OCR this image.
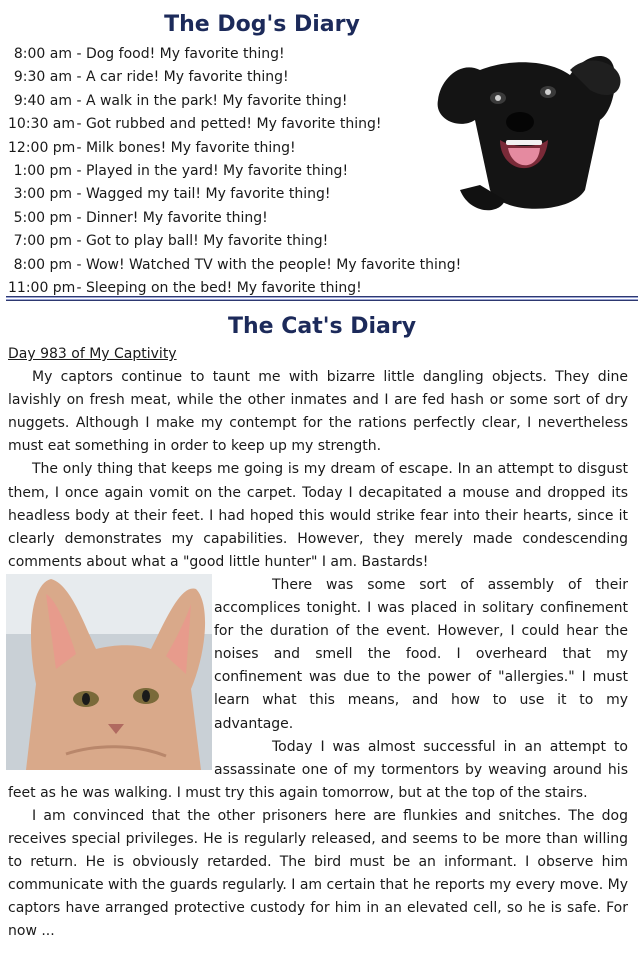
The Dog's Diary
8:00 am - Dog food! My favorite thing!
9:30 am - A car ride! My favorite thing!
9:40 am - A walk in the park! My favorite thing!
10:30 am - Got rubbed and petted! My favorite thing!
12:00 pm - Milk bones! My favorite thing!
1:00 pm - Played in the yard! My favorite thing!
3:00 pm - Wagged my tail! My favorite thing!
5:00 pm - Dinner! My favorite thing!
7:00 pm - Got to play ball! My favorite thing!
8:00 pm - Wow! Watched TV with the people! My favorite thing!
11:00 pm - Sleeping on the bed! My favorite thing!
The Cat's Diary

Day 983 of My Captivity

My captors continue to taunt me with bizarre little dangling objects. They dine lavishly on fresh meat, while the other inmates and I are fed hash or some sort of dry nuggets. Although I make my contempt for the rations perfectly clear, I nevertheless must eat something in order to keep up my strength.

The only thing that keeps me going is my dream of escape. In an attempt to disgust them, I once again vomit on the carpet. Today I decapitated a mouse and dropped its headless body at their feet. I had hoped this would strike fear into their hearts, since it clearly demonstrates my capabilities. However, they merely made condescending comments about what a "good little hunter" I am. Bastards!

There was some sort of assembly of their accomplices tonight. I was placed in solitary confinement for the duration of the event. However, I could hear the noises and smell the food. I overheard that my confinement was due to the power of "allergies." I must learn what this means, and how to use it to my advantage.

Today I was almost successful in an attempt to assassinate one of my tormentors by weaving around his feet as he was walking. I must try this again tomorrow, but at the top of the stairs.

I am convinced that the other prisoners here are flunkies and snitches. The dog receives special privileges. He is regularly released, and seems to be more than willing to return. He is obviously retarded. The bird must be an informant. I observe him communicate with the guards regularly. I am certain that he reports my every move. My captors have arranged protective custody for him in an elevated cell, so he is safe. For now ...
